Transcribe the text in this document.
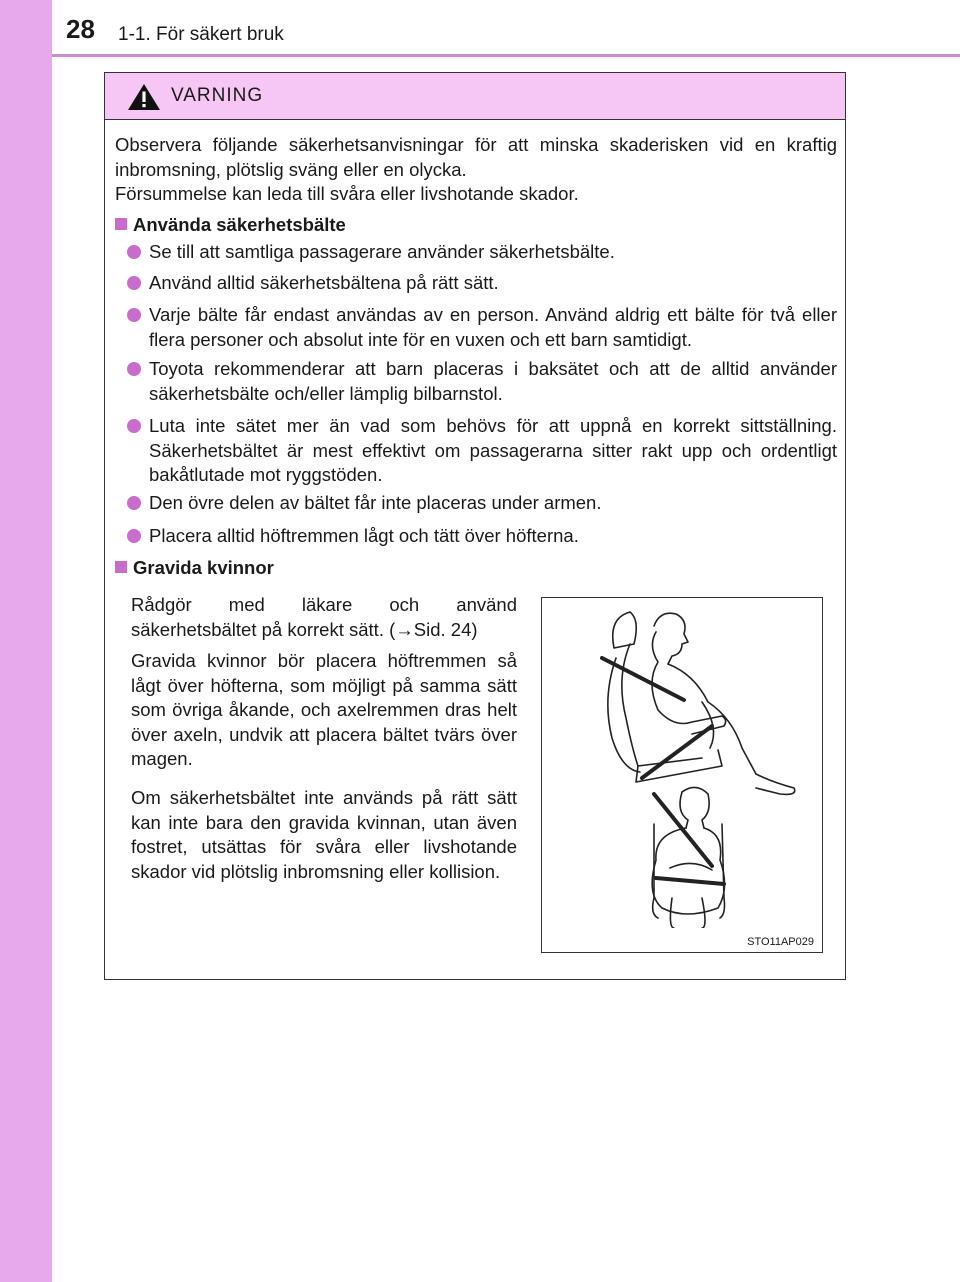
28 1-1. För säkert bruk
VARNING
Observera följande säkerhetsanvisningar för att minska skaderisken vid en kraftig inbromsning, plötslig sväng eller en olycka.
Försummelse kan leda till svåra eller livshotande skador.
Använda säkerhetsbälte
Se till att samtliga passagerare använder säkerhetsbälte.
Använd alltid säkerhetsbältena på rätt sätt.
Varje bälte får endast användas av en person. Använd aldrig ett bälte för två eller flera personer och absolut inte för en vuxen och ett barn samtidigt.
Toyota rekommenderar att barn placeras i baksätet och att de alltid använder säkerhetsbälte och/eller lämplig bilbarnstol.
Luta inte sätet mer än vad som behövs för att uppnå en korrekt sittställning. Säkerhetsbältet är mest effektivt om passagerarna sitter rakt upp och ordentligt bakåtlutade mot ryggstöden.
Den övre delen av bältet får inte placeras under armen.
Placera alltid höftremmen lågt och tätt över höfterna.
Gravida kvinnor
Rådgör med läkare och använd säkerhetsbältet på korrekt sätt. (→Sid. 24)
Gravida kvinnor bör placera höftremmen så lågt över höfterna, som möjligt på samma sätt som övriga åkande, och axelremmen dras helt över axeln, undvik att placera bältet tvärs över magen.
Om säkerhetsbältet inte används på rätt sätt kan inte bara den gravida kvinnan, utan även fostret, utsättas för svåra eller livshotande skador vid plötslig inbromsning eller kollision.
STO11AP029
